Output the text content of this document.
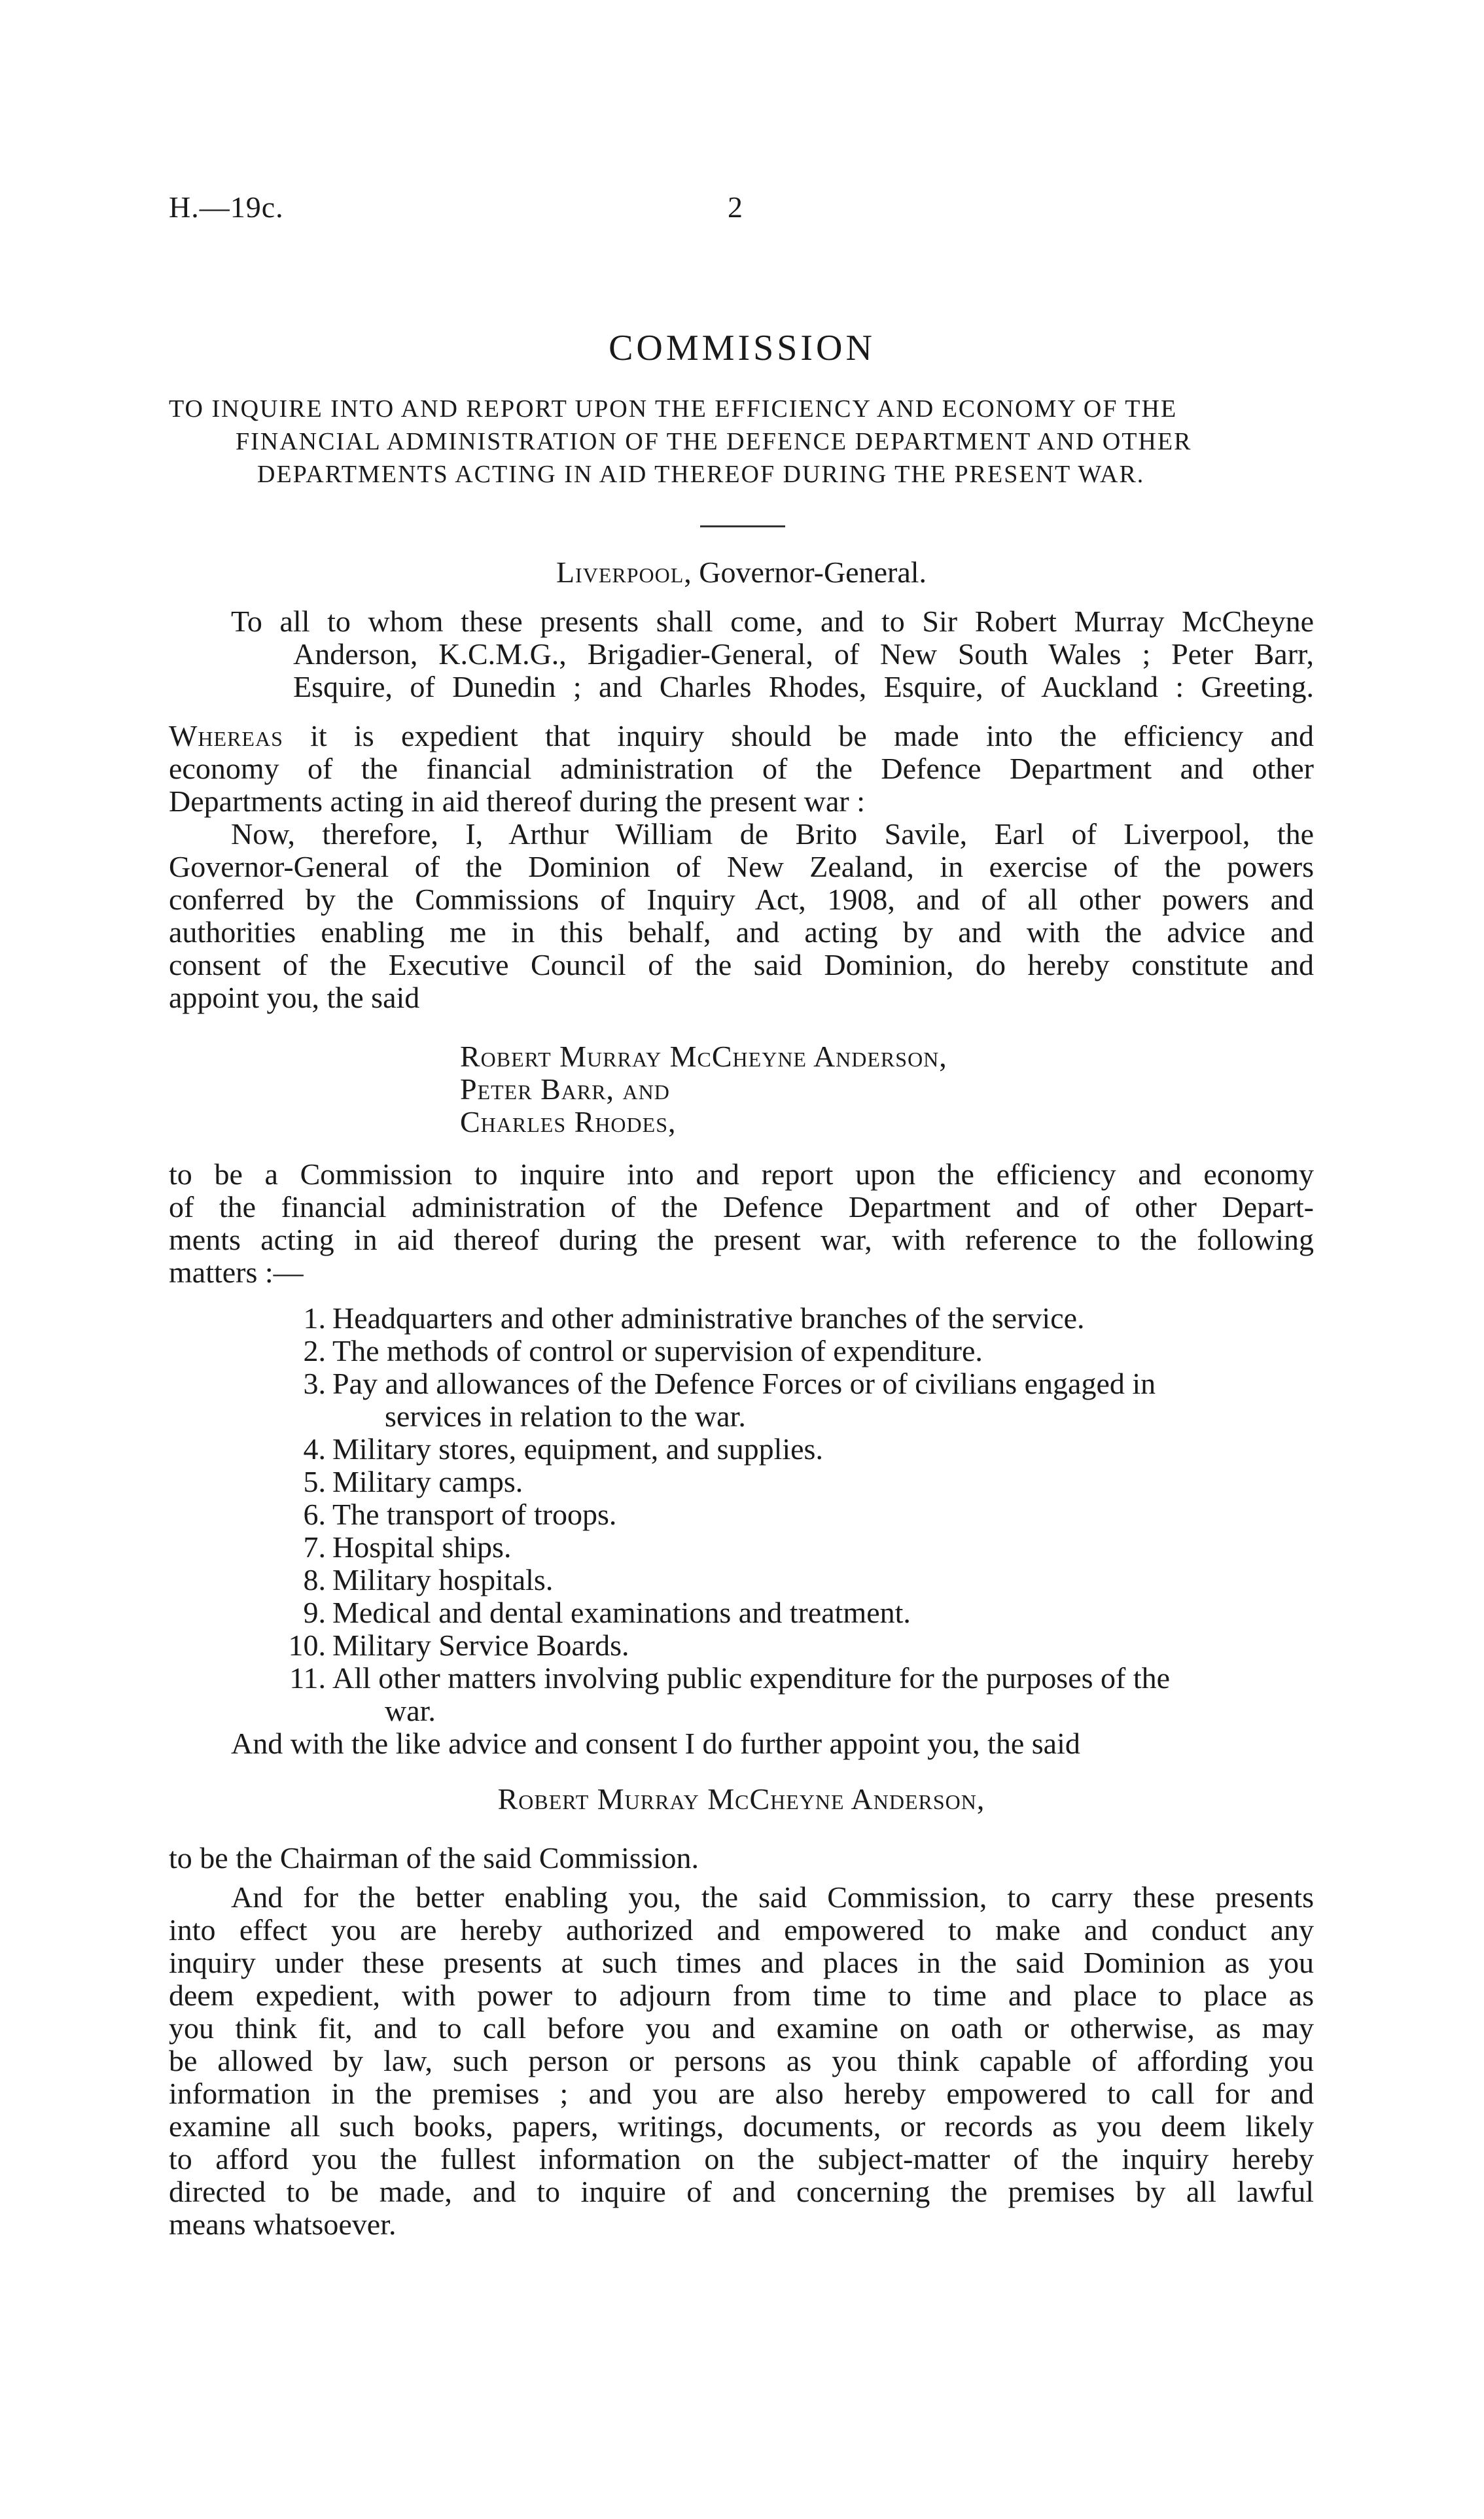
H.—19c.	2
COMMISSION
TO INQUIRE INTO AND REPORT UPON THE EFFICIENCY AND ECONOMY OF THE
FINANCIAL ADMINISTRATION OF THE DEFENCE DEPARTMENT AND OTHER
DEPARTMENTS ACTING IN AID THEREOF DURING THE PRESENT WAR.
Liverpool, Governor-General.
To all to whom these presents shall come, and to Sir Robert Murray McCheyne
Anderson, K.C.M.G., Brigadier-General, of New South Wales ; Peter Barr,
Esquire, of Dunedin ; and Charles Rhodes, Esquire, of Auckland : Greeting.
Whereas it is expedient that inquiry should be made into the efficiency and
economy of the financial administration of the Defence Department and other
Departments acting in aid thereof during the present war :
Now, therefore, I, Arthur William de Brito Savile, Earl of Liverpool, the
Governor-General of the Dominion of New Zealand, in exercise of the powers
conferred by the Commissions of Inquiry Act, 1908, and of all other powers and
authorities enabling me in this behalf, and acting by and with the advice and
consent of the Executive Council of the said Dominion, do hereby constitute and
appoint you, the said
Robert Murray McCheyne Anderson,
Peter Barr, and
Charles Rhodes,
to be a Commission to inquire into and report upon the efficiency and economy
of the financial administration of the Defence Department and of other Depart-
ments acting in aid thereof during the present war, with reference to the following
matters :—
1. Headquarters and other administrative branches of the service.
2. The methods of control or supervision of expenditure.
3. Pay and allowances of the Defence Forces or of civilians engaged in
services in relation to the war.
4. Military stores, equipment, and supplies.
5. Military camps.
6. The transport of troops.
7. Hospital ships.
8. Military hospitals.
9. Medical and dental examinations and treatment.
10. Military Service Boards.
11. All other matters involving public expenditure for the purposes of the
war.
And with the like advice and consent I do further appoint you, the said
Robert Murray McCheyne Anderson,
to be the Chairman of the said Commission.
And for the better enabling you, the said Commission, to carry these presents
into effect you are hereby authorized and empowered to make and conduct any
inquiry under these presents at such times and places in the said Dominion as you
deem expedient, with power to adjourn from time to time and place to place as
you think fit, and to call before you and examine on oath or otherwise, as may
be allowed by law, such person or persons as you think capable of affording you
information in the premises ; and you are also hereby empowered to call for and
examine all such books, papers, writings, documents, or records as you deem likely
to afford you the fullest information on the subject-matter of the inquiry hereby
directed to be made, and to inquire of and concerning the premises by all lawful
means whatsoever.
